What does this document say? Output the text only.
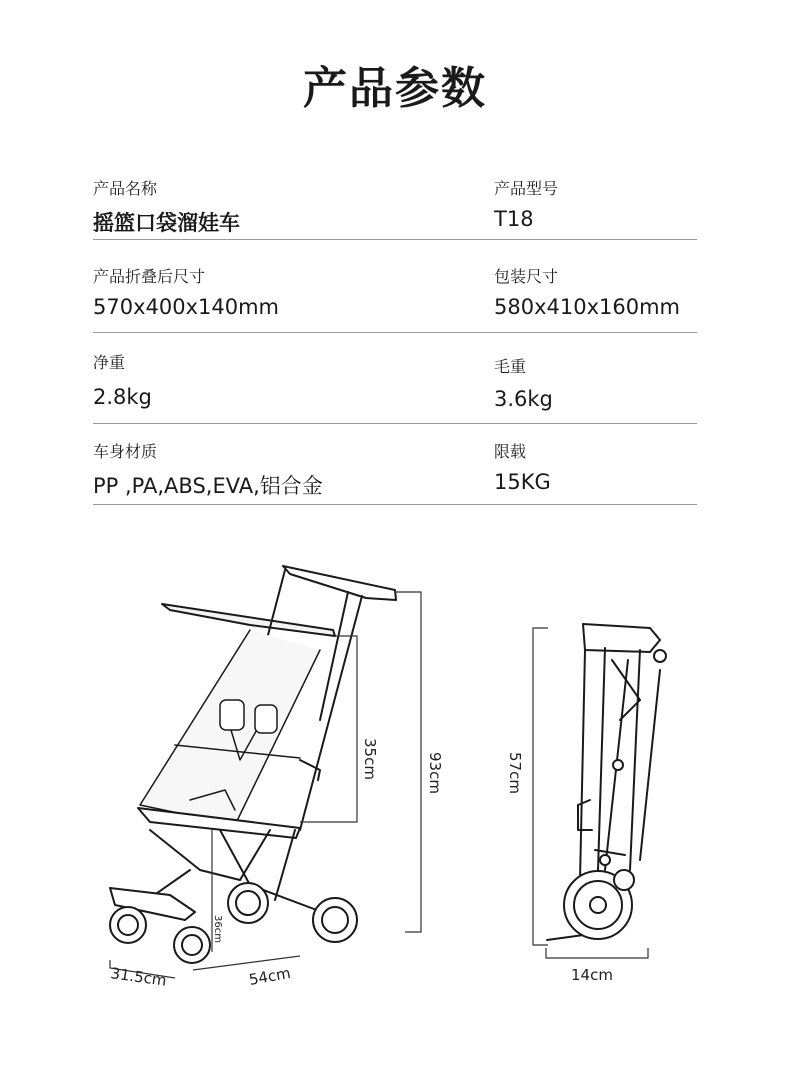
产品参数
产品名称
摇篮口袋溜娃车
产品型号
T18
产品折叠后尺寸
570x400x140mm
包装尺寸
580x410x160mm
净重
2.8kg
毛重
3.6kg
车身材质
PP ,PA,ABS,EVA,铝合金
限载
15KG
35cm	93cm
36cm
31.5cm	54cm
57cm
14cm
